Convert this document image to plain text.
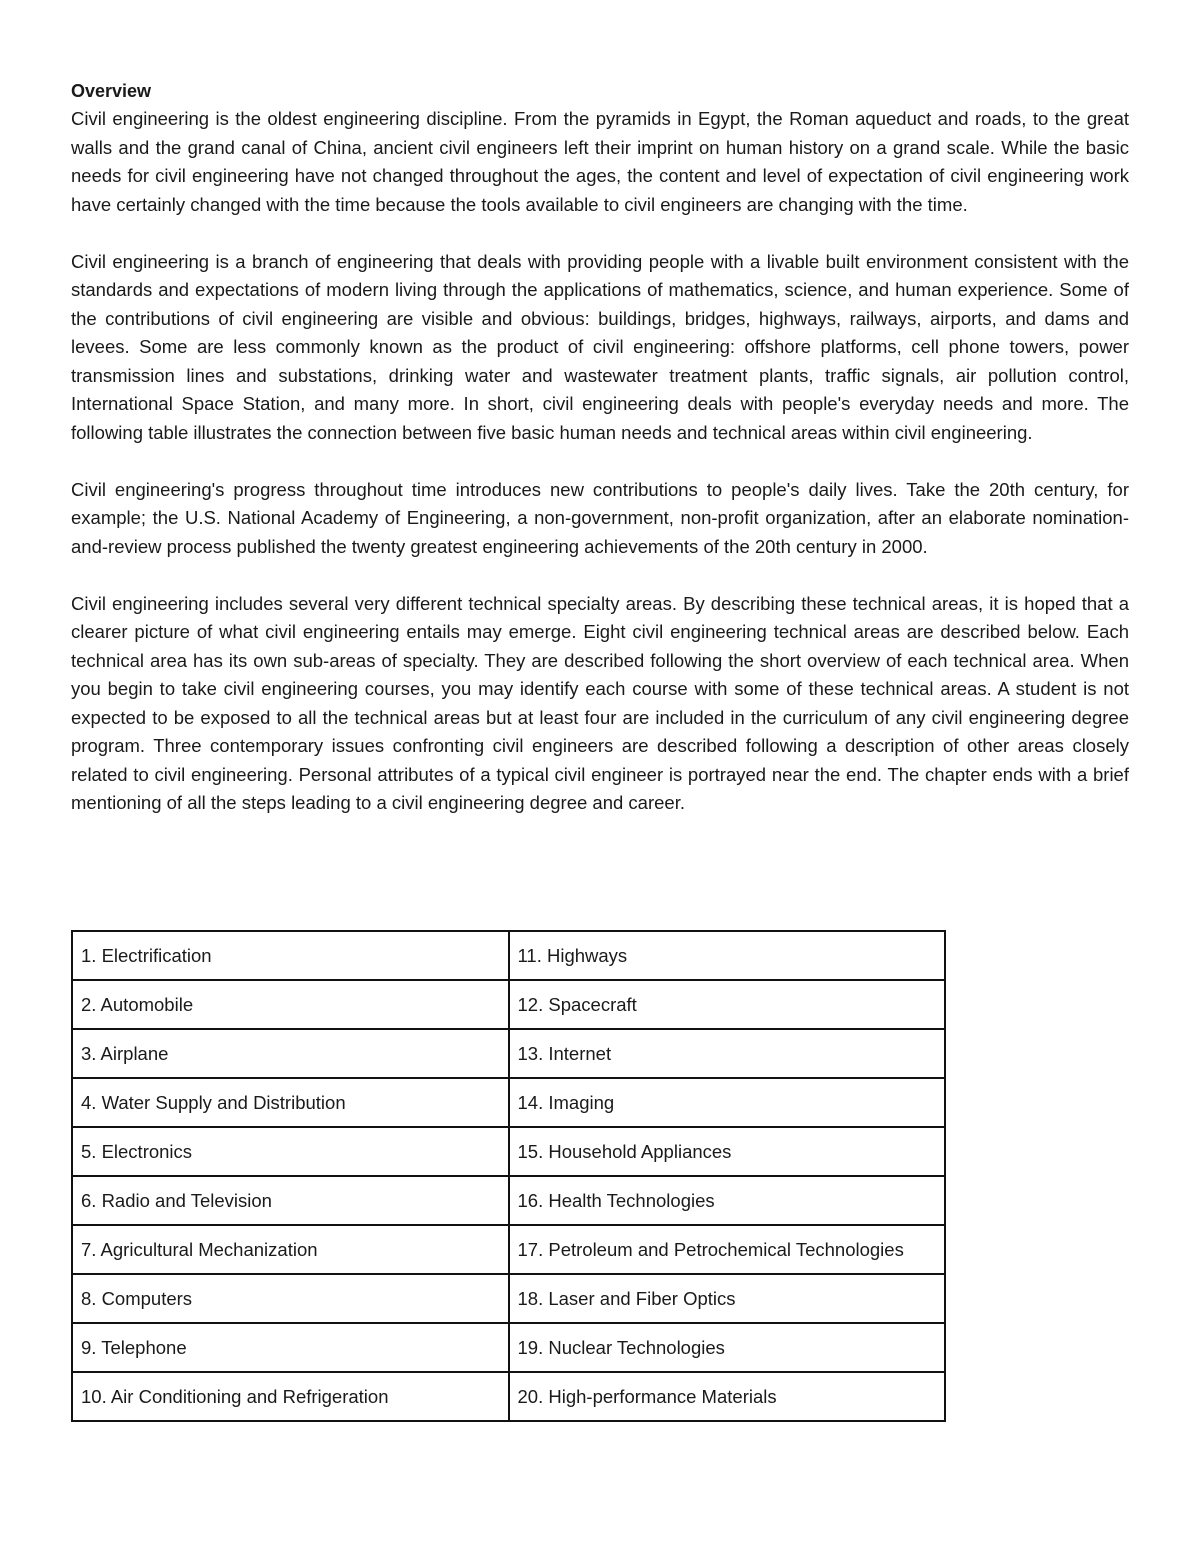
Overview

Civil engineering is the oldest engineering discipline. From the pyramids in Egypt, the Roman aqueduct and roads, to the great walls and the grand canal of China, ancient civil engineers left their imprint on human history on a grand scale. While the basic needs for civil engineering have not changed throughout the ages, the content and level of expectation of civil engineering work have certainly changed with the time because the tools available to civil engineers are changing with the time.

Civil engineering is a branch of engineering that deals with providing people with a livable built environment consistent with the standards and expectations of modern living through the applications of mathematics, science, and human experience. Some of the contributions of civil engineering are visible and obvious: buildings, bridges, highways, railways, airports, and dams and levees. Some are less commonly known as the product of civil engineering: offshore platforms, cell phone towers, power transmission lines and substations, drinking water and wastewater treatment plants, traffic signals, air pollution control, International Space Station, and many more. In short, civil engineering deals with people's everyday needs and more. The following table illustrates the connection between five basic human needs and technical areas within civil engineering.

Civil engineering's progress throughout time introduces new contributions to people's daily lives. Take the 20th century, for example; the U.S. National Academy of Engineering, a non-government, non-profit organization, after an elaborate nomination-and-review process published the twenty greatest engineering achievements of the 20th century in 2000.

Civil engineering includes several very different technical specialty areas. By describing these technical areas, it is hoped that a clearer picture of what civil engineering entails may emerge. Eight civil engineering technical areas are described below. Each technical area has its own sub-areas of specialty. They are described following the short overview of each technical area. When you begin to take civil engineering courses, you may identify each course with some of these technical areas. A student is not expected to be exposed to all the technical areas but at least four are included in the curriculum of any civil engineering degree program. Three contemporary issues confronting civil engineers are described following a description of other areas closely related to civil engineering. Personal attributes of a typical civil engineer is portrayed near the end. The chapter ends with a brief mentioning of all the steps leading to a civil engineering degree and career.

1. Electrification	11. Highways
2. Automobile	12. Spacecraft
3. Airplane	13. Internet
4. Water Supply and Distribution	14. Imaging
5. Electronics	15. Household Appliances
6. Radio and Television	16. Health Technologies
7. Agricultural Mechanization	17. Petroleum and Petrochemical Technologies
8. Computers	18. Laser and Fiber Optics
9. Telephone	19. Nuclear Technologies
10. Air Conditioning and Refrigeration	20. High-performance Materials
